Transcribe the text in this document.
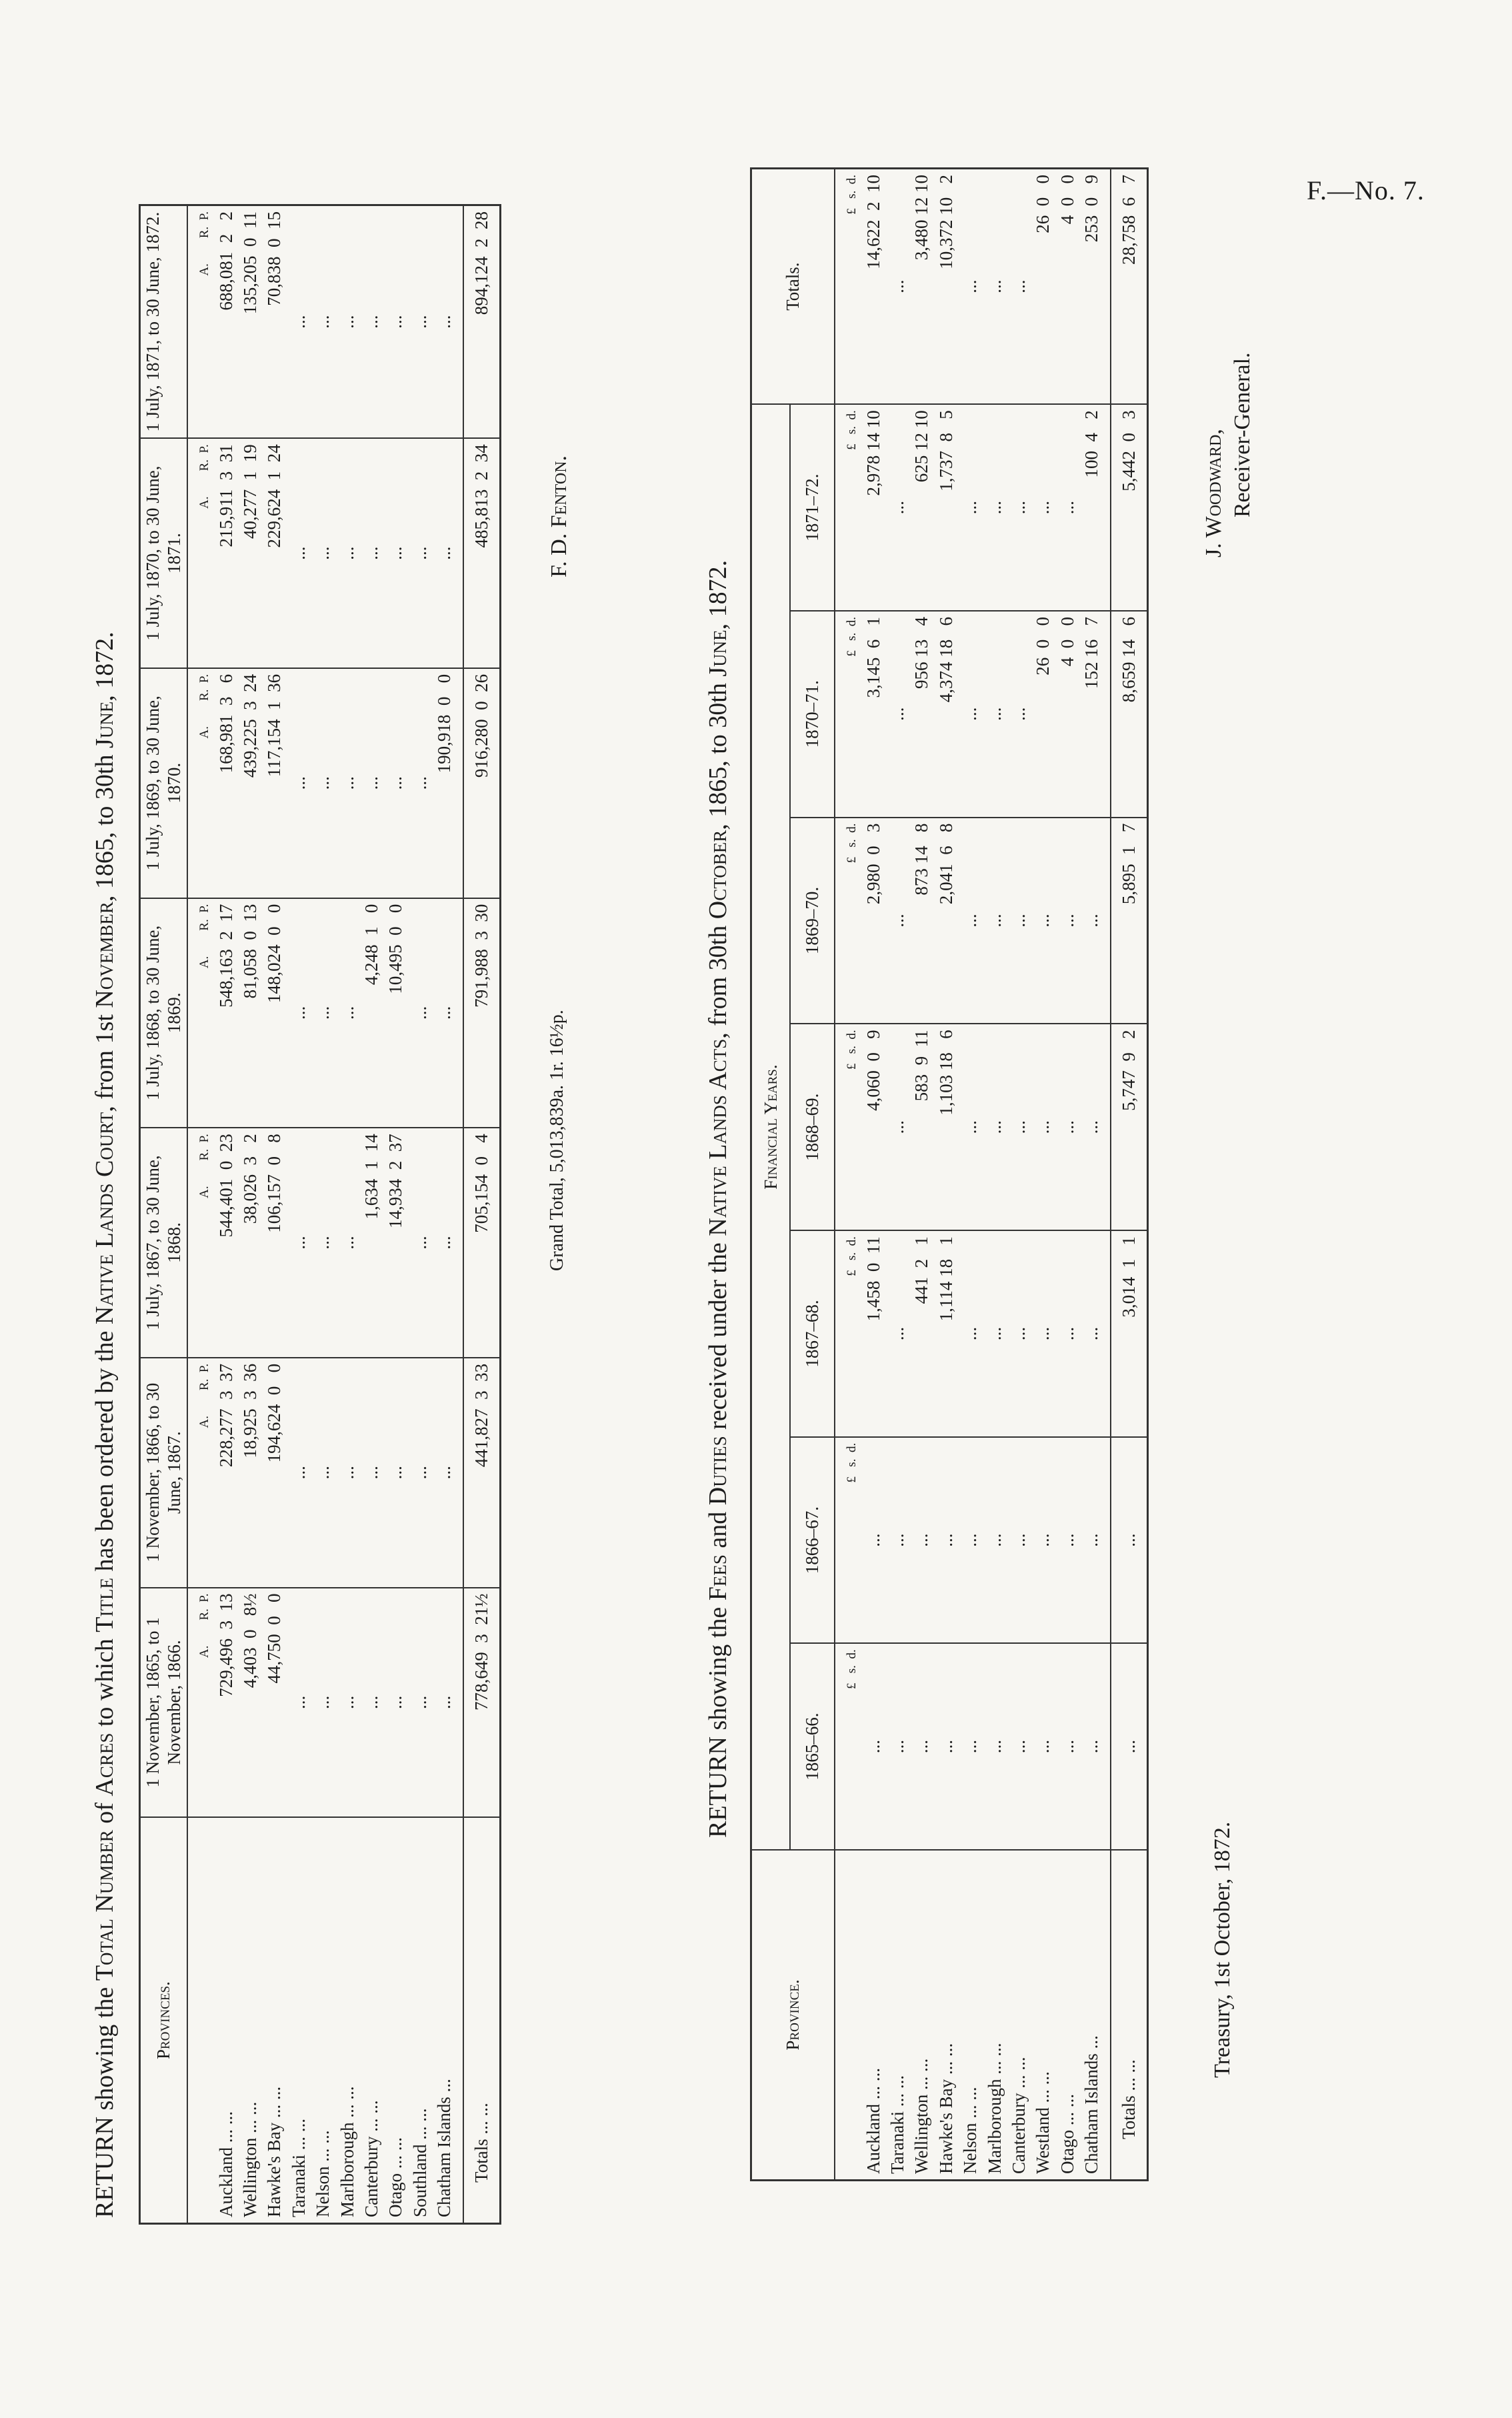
F.—No. 7.
RETURN showing the Total Number of Acres to which Title has been ordered by the Native Lands Court, from 1st November, 1865, to 30th June, 1872.
Provinces.	1 November, 1865, to 1 November, 1866.	1 November, 1866, to 30 June, 1867.	1 July, 1867, to 30 June, 1868.	1 July, 1868, to 30 June, 1869.	1 July, 1869, to 30 June, 1870.	1 July, 1870, to 30 June, 1871.	1 July, 1871, to 30 June, 1872.
	A.        R.  P.	A.        R.  P.	A.        R.  P.	A.        R.  P.	A.        R.  P.	A.        R.  P.	A.        R.  P.
Auckland ... ...	729,496  3  13	228,277  3  37	544,401  0  23	548,163  2  17	168,981  3   6	215,911  3  31	688,081  2   2
Wellington ... ...	4,403  0   8½	18,925  3  36	38,026  3   2	81,058  0  13	439,225  3  24	40,277  1  19	135,205  0  11
Hawke's Bay ... ...	44,750  0   0	194,624  0   0	106,157  0   8	148,024  0   0	117,154  1  36	229,624  1  24	70,838  0  15
Taranaki ... ...	...	...	...	...	...	...	...
Nelson ... ...	...	...	...	...	...	...	...
Marlborough ... ...	...	...	...	...	...	...	...
Canterbury ... ...	...	...	1,634  1  14	4,248  1   0	...	...	...
Otago ... ...	...	...	14,934  2  37	10,495  0   0	...	...	...
Southland ... ...	...	...	...	...	...	...	...
Chatham Islands ...	...	...	...	...	190,918  0   0	...	...
Totals ... ...	778,649  3  21½	441,827  3  33	705,154  0   4	791,988  3  30	916,280  0  26	485,813  2  34	894,124  2  28
Grand Total, 5,013,839a. 1r. 16½p.
F. D. Fenton.
RETURN showing the Fees and Duties received under the Native Lands Acts, from 30th October, 1865, to 30th June, 1872.
Province.	Financial Years.							Totals.
	1865–66.	1866–67.	1867–68.	1868–69.	1869–70.	1870–71.	1871–72.	
	£   s.  d.	£   s.  d.	£   s.  d.	£   s.  d.	£   s.  d.	£   s.  d.	£   s.  d.	£   s.  d.
Auckland ... ...	...	...	1,458  0  11	4,060  0   9	2,980  0   3	3,145  6   1	2,978 14 10	14,622  2  10
Taranaki ... ...	...	...	...	...	...	...	...	...
Wellington ... ...	...	...	441  2   1	583  9  11	873 14   8	956 13   4	625 12 10	3,480 12 10
Hawke's Bay ... ...	...	...	1,114 18   1	1,103 18   6	2,041  6   8	4,374 18   6	1,737  8   5	10,372 10   2
Nelson ... ...	...	...	...	...	...	...	...	...
Marlborough ... ...	...	...	...	...	...	...	...	...
Canterbury ... ...	...	...	...	...	...	...	...	...
Westland ... ...	...	...	...	...	...	26  0   0	...	26  0   0
Otago ... ...	...	...	...	...	...	4  0   0	...	4  0   0
Chatham Islands ...	...	...	...	...	...	152 16   7	100  4   2	253  0   9
Totals ... ...	...	...	3,014  1   1	5,747  9   2	5,895  1   7	8,659 14   6	5,442  0   3	28,758  6   7
Treasury, 1st October, 1872.
J. Woodward, Receiver-General.
